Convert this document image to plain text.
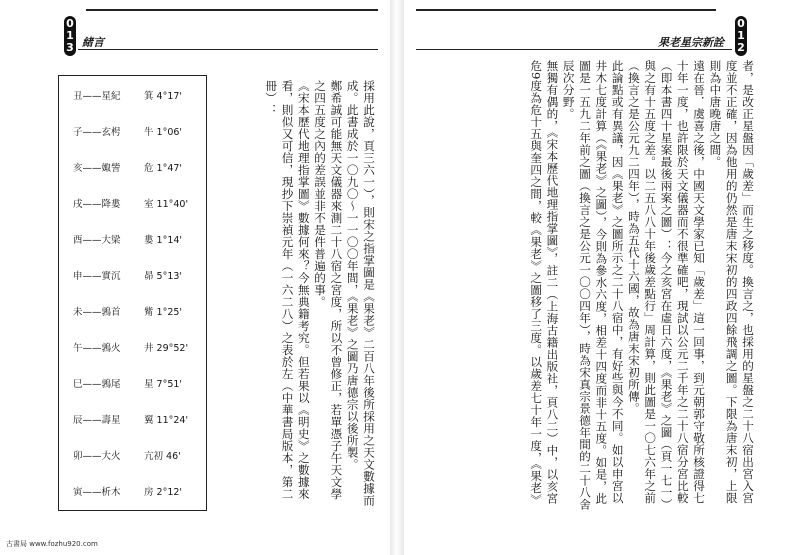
0
1
3 緒言
丑——星紀 箕 4°17'
子——玄枵 牛 1°06'
亥——娵訾 危 1°47'
戌——降婁 室 11°40'
酉——大梁 婁 1°14'
申——實沉 昴 5°13'
未——鶉首 觜 1°25'
午——鶉火 井 29°52'
巳——鶉尾 星 7°51'
辰——壽星 翼 11°24'
卯——大火 亢初 46'
寅——析木 房 2°12'	採用此說，頁三六一），則宋之指掌圖是《果老》二百八年後所採用之天文數據而成。此書成於一〇九〇～一一〇〇年間，《果老》之圖乃唐德宗以後所製。

鄭希誠可能無天文儀器來測二十八宿之宮度，所以不曾修正，若單憑子午天文學之四五度之內的差誤並非不是件普遍的事。

《宋本歷代地理指掌圖》數據何來？今無典籍考究。但若果以《明史》之數據來看，則似又可信，現抄下崇禎元年（一六二八）之表於左（中華書局版本，第二冊）：

古書局 www.fozhu920.com
0
1
2
果老星宗新詮

者，是改正星盤因「歲差」而生之移度。換言之，也採用的星盤之二十八宿出宮入宮度並不正確，因為他用的仍然是唐末宋初的四政四餘飛調之圖。下限為唐末初，上限則為中唐晚唐之間。

遠在晉．虞喜之後，中國天文學家已知「歲差」這一回事，到元朝郭守敬所核證得七十年一度，也許限於天文儀器而不很準確吧，現試以公元二千年之二十八宿分宮比較（即本書四十星案最後兩案之圖）：今之亥宮在虛日六度，《果老》之圖（頁一七一）與之有十五度之差。以二五八八十年後歲差點行」周計算，則此圖是一〇七六年之前（換言之是公元九二四年），時為五代十六國，故為唐末宋初所傳。

此論點或有異議，因《果老》之圖所示之二十八宿中，有好些與今不同。如以申宮以井木七度計算（《果老》之圖），今則為參水六度，相差十四度而非十五度。如是，此圖是一五九二年前之圖（換言之是公元一〇〇四年），時為宋真宗景德年間的二十八舍辰次分野。

無獨有偶的，《宋本歷代地理指掌圖》，註二（上海古籍出版社，頁八二）中，以亥宮危9度為危十五與奎四之間，較《果老》之圖移了三度。以歲差七十年一度，《果老》
